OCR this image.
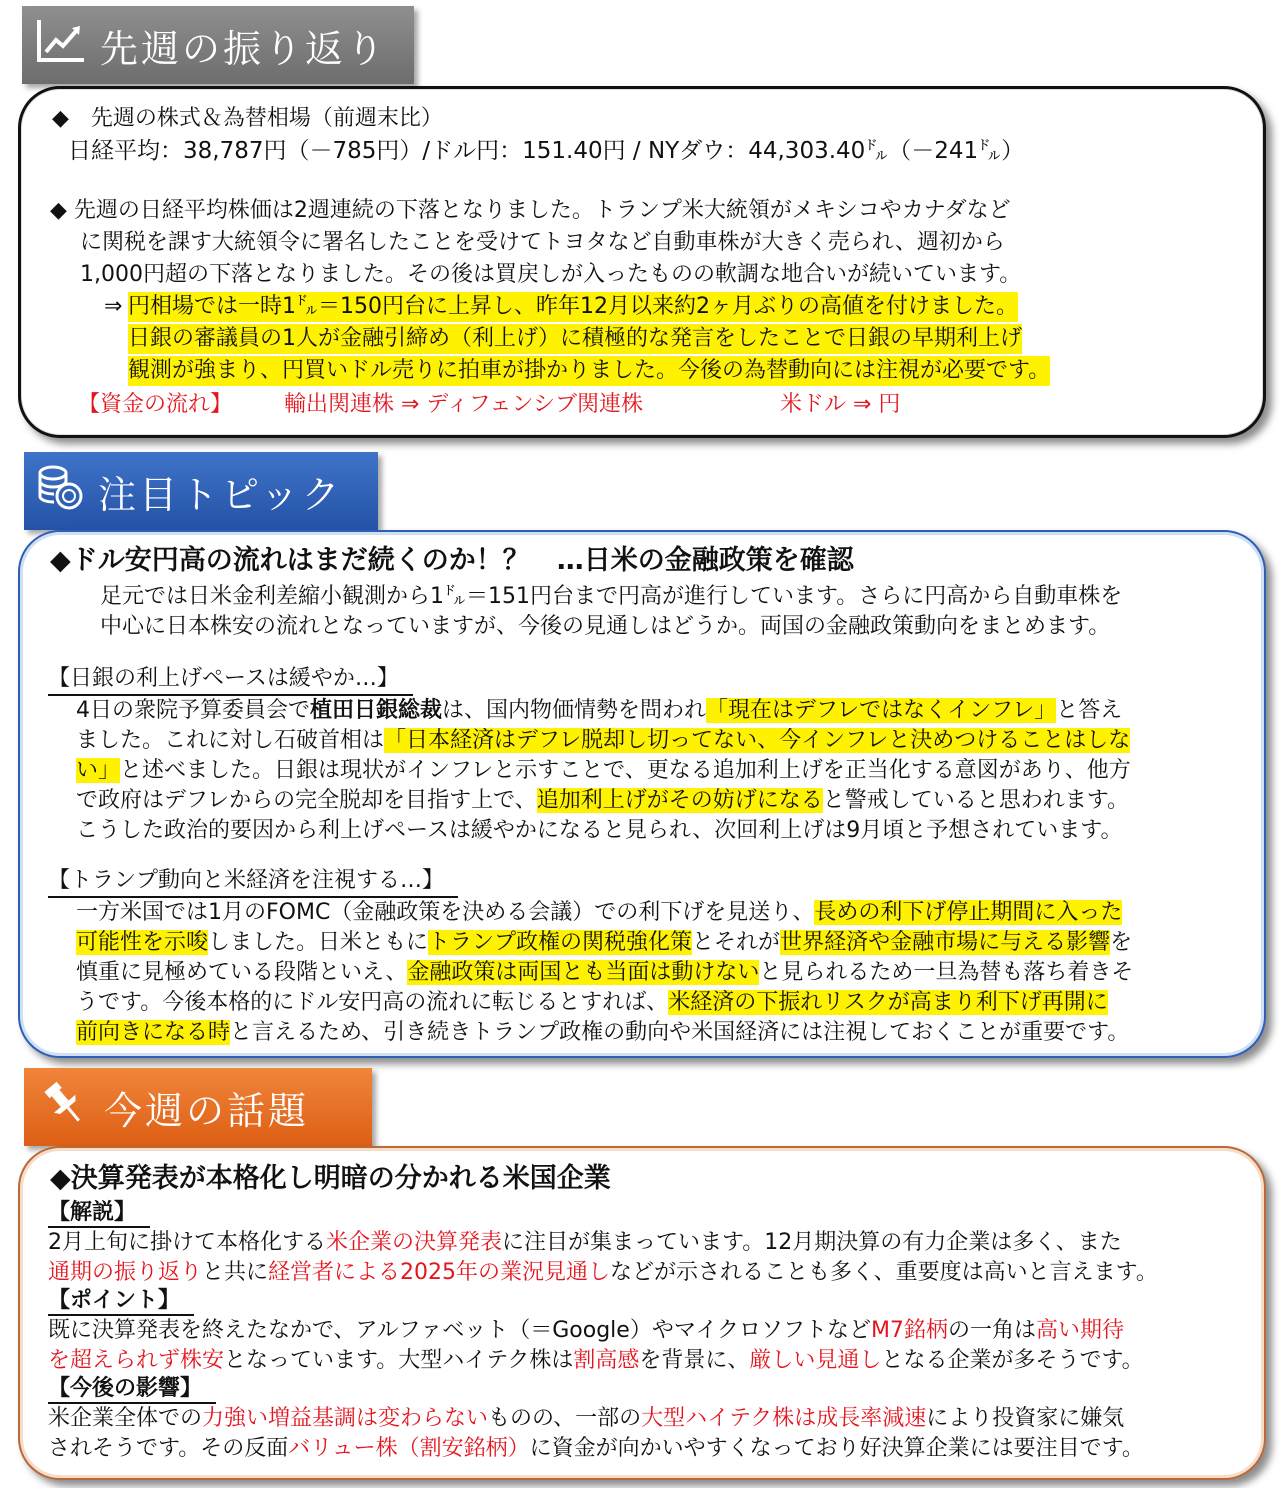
先週の振り返り
◆　先週の株式＆為替相場（前週末比）
日経平均：38,787円（－785円）/ドル円：151.40円 / NYダウ：44,303.40㌦（－241㌦）
◆ 先週の日経平均株価は2週連続の下落となりました。トランプ米大統領がメキシコやカナダなど
に関税を課す大統領令に署名したことを受けてトヨタなど自動車株が大きく売られ、週初から
1,000円超の下落となりました。その後は買戻しが入ったものの軟調な地合いが続いています。
⇒ 円相場では一時1㌦＝150円台に上昇し、昨年12月以来約2ヶ月ぶりの高値を付けました。
日銀の審議員の1人が金融引締め（利上げ）に積極的な発言をしたことで日銀の早期利上げ
観測が強まり、円買いドル売りに拍車が掛かりました。今後の為替動向には注視が必要です。
【資金の流れ】 輸出関連株 ⇒ ディフェンシブ関連株	米ドル ⇒ 円
注目トピック
◆ドル安円高の流れはまだ続くのか！？　…日米の金融政策を確認
足元では日米金利差縮小観測から1㌦＝151円台まで円高が進行しています。さらに円高から自動車株を
中心に日本株安の流れとなっていますが、今後の見通しはどうか。両国の金融政策動向をまとめます。
【日銀の利上げペースは緩やか…】
4日の衆院予算委員会で植田日銀総裁は、国内物価情勢を問われ「現在はデフレではなくインフレ」と答え
ました。これに対し石破首相は「日本経済はデフレ脱却し切ってない、今インフレと決めつけることはしな
い」と述べました。日銀は現状がインフレと示すことで、更なる追加利上げを正当化する意図があり、他方
で政府はデフレからの完全脱却を目指す上で、追加利上げがその妨げになると警戒していると思われます。
こうした政治的要因から利上げペースは緩やかになると見られ、次回利上げは9月頃と予想されています。
【トランプ動向と米経済を注視する…】
一方米国では1月のFOMC（金融政策を決める会議）での利下げを見送り、長めの利下げ停止期間に入った
可能性を示唆しました。日米ともにトランプ政権の関税強化策とそれが世界経済や金融市場に与える影響を
慎重に見極めている段階といえ、金融政策は両国とも当面は動けないと見られるため一旦為替も落ち着きそ
うです。今後本格的にドル安円高の流れに転じるとすれば、米経済の下振れリスクが高まり利下げ再開に
前向きになる時と言えるため、引き続きトランプ政権の動向や米国経済には注視しておくことが重要です。
今週の話題
◆決算発表が本格化し明暗の分かれる米国企業
【解説】
2月上旬に掛けて本格化する米企業の決算発表に注目が集まっています。12月期決算の有力企業は多く、また
通期の振り返りと共に経営者による2025年の業況見通しなどが示されることも多く、重要度は高いと言えます。
【ポイント】
既に決算発表を終えたなかで、アルファベット（＝Google）やマイクロソフトなどM7銘柄の一角は高い期待
を超えられず株安となっています。大型ハイテク株は割高感を背景に、厳しい見通しとなる企業が多そうです。
【今後の影響】
米企業全体での力強い増益基調は変わらないものの、一部の大型ハイテク株は成長率減速により投資家に嫌気
されそうです。その反面バリュー株（割安銘柄）に資金が向かいやすくなっており好決算企業には要注目です。
